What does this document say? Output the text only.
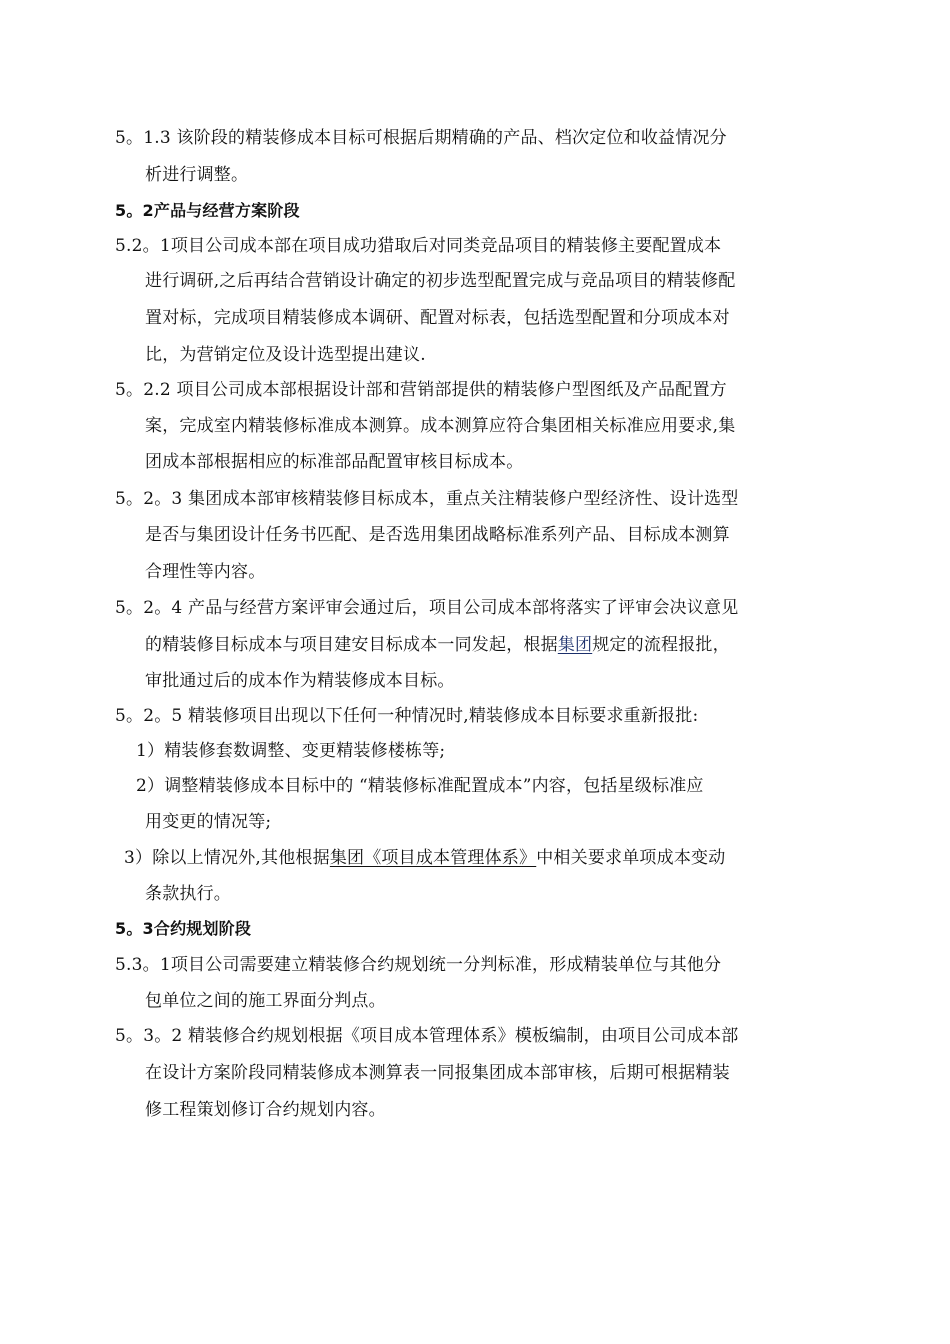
5。1.3 该阶段的精装修成本目标可根据后期精确的产品、档次定位和收益情况分
析进行调整。
5。2产品与经营方案阶段
5.2。1项目公司成本部在项目成功猎取后对同类竞品项目的精装修主要配置成本
进行调研,之后再结合营销设计确定的初步选型配置完成与竞品项目的精装修配
置对标，完成项目精装修成本调研、配置对标表，包括选型配置和分项成本对
比，为营销定位及设计选型提出建议.
5。2.2 项目公司成本部根据设计部和营销部提供的精装修户型图纸及产品配置方
案，完成室内精装修标准成本测算。成本测算应符合集团相关标准应用要求,集
团成本部根据相应的标准部品配置审核目标成本。
5。2。3 集团成本部审核精装修目标成本，重点关注精装修户型经济性、设计选型
是否与集团设计任务书匹配、是否选用集团战略标准系列产品、目标成本测算
合理性等内容。
5。2。4 产品与经营方案评审会通过后，项目公司成本部将落实了评审会决议意见
的精装修目标成本与项目建安目标成本一同发起，根据集团规定的流程报批，
审批通过后的成本作为精装修成本目标。
5。2。5 精装修项目出现以下任何一种情况时,精装修成本目标要求重新报批:
1）精装修套数调整、变更精装修楼栋等;
2）调整精装修成本目标中的 “精装修标准配置成本”内容，包括星级标准应
用变更的情况等;
3）除以上情况外,其他根据集团《项目成本管理体系》中相关要求单项成本变动
条款执行。
5。3合约规划阶段
5.3。1项目公司需要建立精装修合约规划统一分判标准，形成精装单位与其他分
包单位之间的施工界面分判点。
5。3。2 精装修合约规划根据《项目成本管理体系》模板编制，由项目公司成本部
在设计方案阶段同精装修成本测算表一同报集团成本部审核，后期可根据精装
修工程策划修订合约规划内容。
